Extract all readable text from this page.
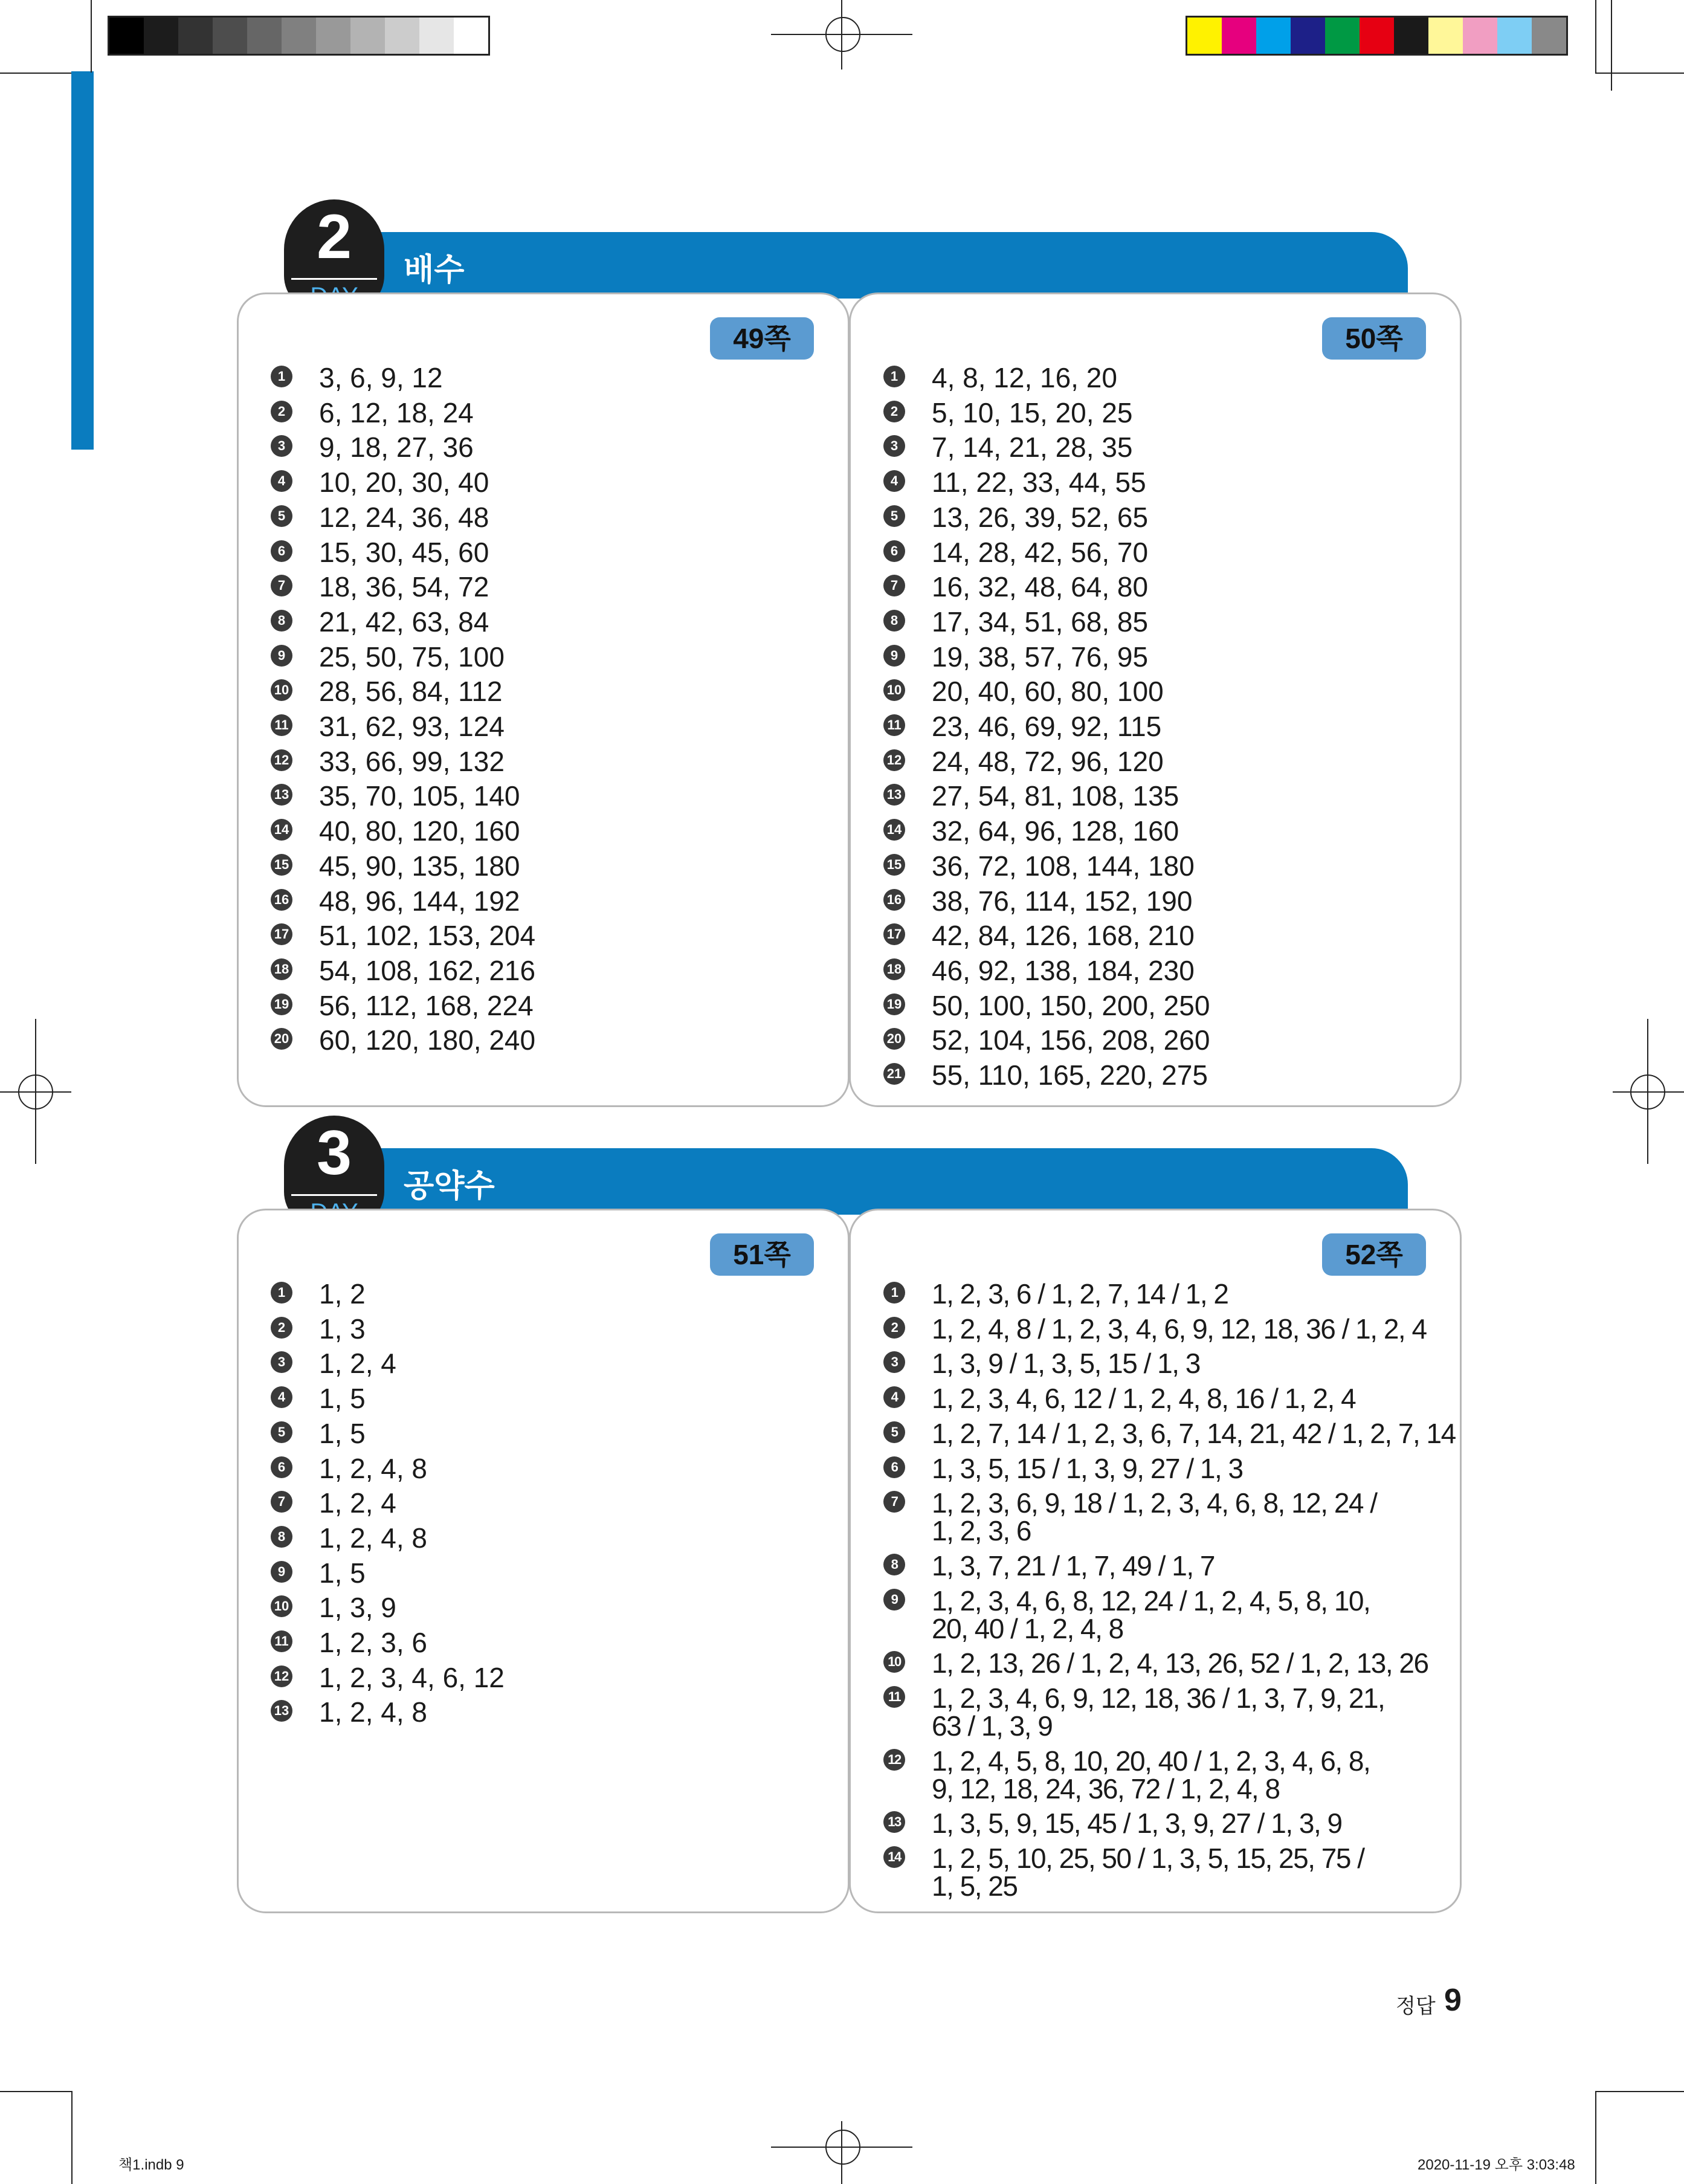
배수
2
49쪽	50쪽
1 3, 6, 9, 12
2 6, 12, 18, 24
3 9, 18, 27, 36
4 10, 20, 30, 40
5 12, 24, 36, 48
6 15, 30, 45, 60
7 18, 36, 54, 72
8 21, 42, 63, 84
9 25, 50, 75, 100
10 28, 56, 84, 112
11 31, 62, 93, 124
12 33, 66, 99, 132
13 35, 70, 105, 140
14 40, 80, 120, 160
15 45, 90, 135, 180
16 48, 96, 144, 192
17 51, 102, 153, 204
18 54, 108, 162, 216
19 56, 112, 168, 224
20 60, 120, 180, 240
1 4, 8, 12, 16, 20
2 5, 10, 15, 20, 25
3 7, 14, 21, 28, 35
4 11, 22, 33, 44, 55
5 13, 26, 39, 52, 65
6 14, 28, 42, 56, 70
7 16, 32, 48, 64, 80
8 17, 34, 51, 68, 85
9 19, 38, 57, 76, 95
10 20, 40, 60, 80, 100
11 23, 46, 69, 92, 115
12 24, 48, 72, 96, 120
13 27, 54, 81, 108, 135
14 32, 64, 96, 128, 160
15 36, 72, 108, 144, 180
16 38, 76, 114, 152, 190
17 42, 84, 126, 168, 210
18 46, 92, 138, 184, 230
19 50, 100, 150, 200, 250
20 52, 104, 156, 208, 260
21 55, 110, 165, 220, 275
공약수
3
51쪽	52쪽
1 1, 2
2 1, 3
3 1, 2, 4
4 1, 5
5 1, 5
6 1, 2, 4, 8
7 1, 2, 4
8 1, 2, 4, 8
9 1, 5
10 1, 3, 9
11 1, 2, 3, 6
12 1, 2, 3, 4, 6, 12
13 1, 2, 4, 8
1 1, 2, 3, 6 / 1, 2, 7, 14 / 1, 2
2 1, 2, 4, 8 / 1, 2, 3, 4, 6, 9, 12, 18, 36 / 1, 2, 4
3 1, 3, 9 / 1, 3, 5, 15 / 1, 3
4 1, 2, 3, 4, 6, 12 / 1, 2, 4, 8, 16 / 1, 2, 4
5 1, 2, 7, 14 / 1, 2, 3, 6, 7, 14, 21, 42 / 1, 2, 7, 14
6 1, 3, 5, 15 / 1, 3, 9, 27 / 1, 3
7 1, 2, 3, 6, 9, 18 / 1, 2, 3, 4, 6, 8, 12, 24 /
1, 2, 3, 6
8 1, 3, 7, 21 / 1, 7, 49 / 1, 7
9 1, 2, 3, 4, 6, 8, 12, 24 / 1, 2, 4, 5, 8, 10,
20, 40 / 1, 2, 4, 8
10 1, 2, 13, 26 / 1, 2, 4, 13, 26, 52 / 1, 2, 13, 26
11 1, 2, 3, 4, 6, 9, 12, 18, 36 / 1, 3, 7, 9, 21,
63 / 1, 3, 9
12 1, 2, 4, 5, 8, 10, 20, 40 / 1, 2, 3, 4, 6, 8,
9, 12, 18, 24, 36, 72 / 1, 2, 4, 8
13 1, 3, 5, 9, 15, 45 / 1, 3, 9, 27 / 1, 3, 9
14 1, 2, 5, 10, 25, 50 / 1, 3, 5, 15, 25, 75 /
1, 5, 25
정답 9
책1.indb 9	2020-11-19 오후 3:03:48
